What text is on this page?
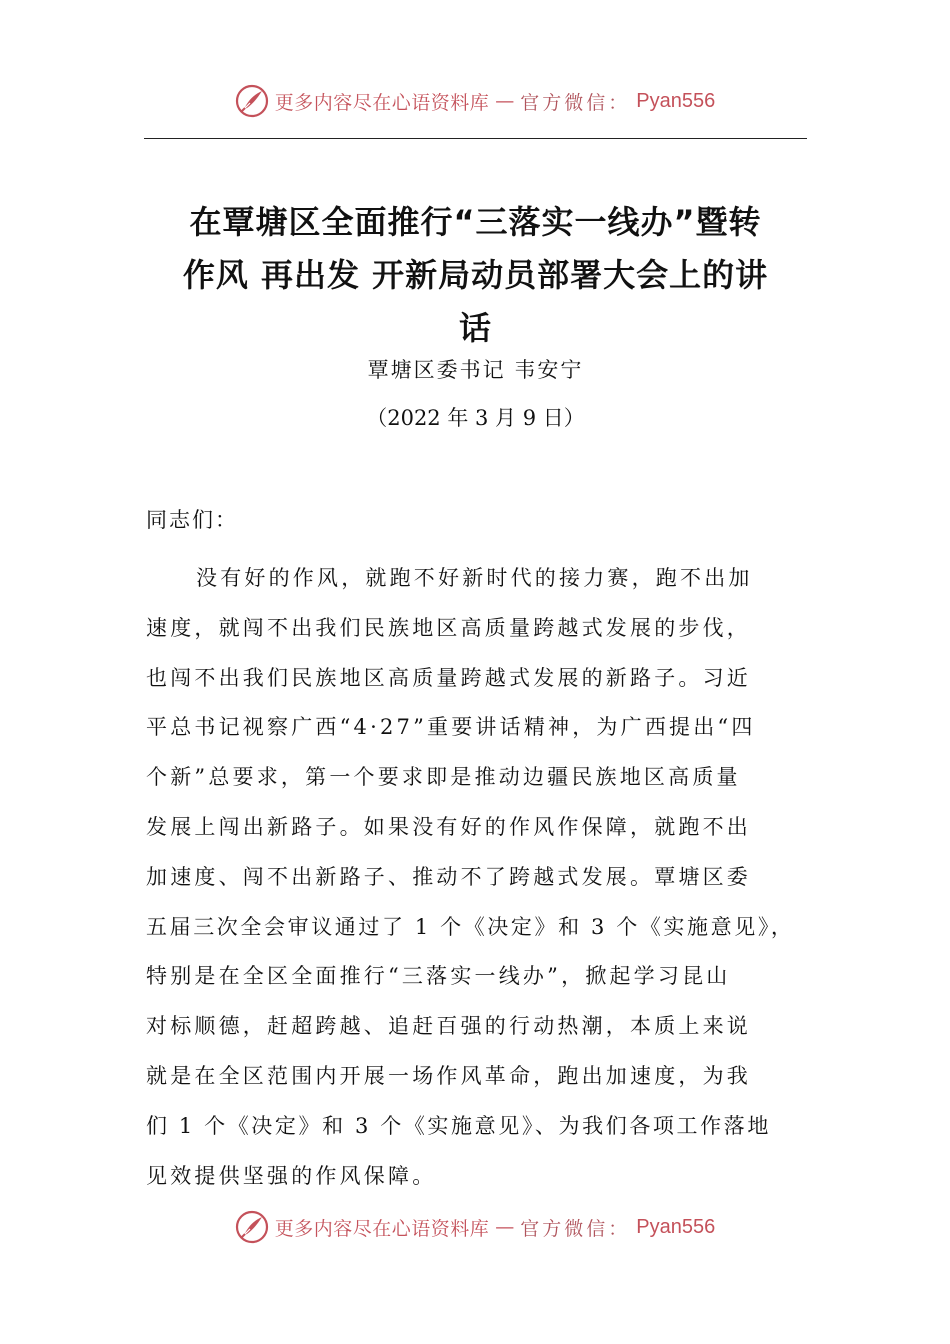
更多内容尽在心语资料库 — 官方微信： Pyan556
在覃塘区全面推行“三落实一线办”暨转
作风 再出发 开新局动员部署大会上的讲
话
覃塘区委书记 韦安宁
（2022 年 3 月 9 日）
同志们：
没有好的作风，就跑不好新时代的接力赛，跑不出加
速度，就闯不出我们民族地区高质量跨越式发展的步伐，
也闯不出我们民族地区高质量跨越式发展的新路子。习近
平总书记视察广西“4·27”重要讲话精神，为广西提出“四
个新”总要求，第一个要求即是推动边疆民族地区高质量
发展上闯出新路子。如果没有好的作风作保障，就跑不出
加速度、闯不出新路子、推动不了跨越式发展。覃塘区委
五届三次全会审议通过了 1 个《决定》和 3 个《实施意见》，
特别是在全区全面推行“三落实一线办”，掀起学习昆山
对标顺德，赶超跨越、追赶百强的行动热潮，本质上来说
就是在全区范围内开展一场作风革命，跑出加速度，为我
们 1 个《决定》和 3 个《实施意见》、为我们各项工作落地
见效提供坚强的作风保障。
更多内容尽在心语资料库 — 官方微信： Pyan556
